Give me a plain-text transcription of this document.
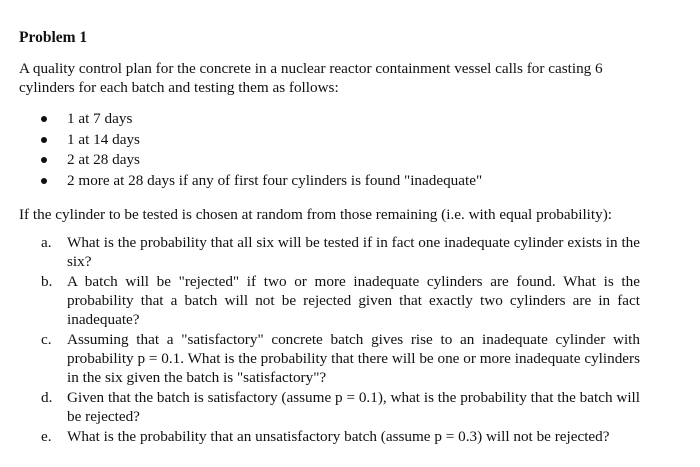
Problem 1
A quality control plan for the concrete in a nuclear reactor containment vessel calls for casting 6 cylinders for each batch and testing them as follows:
1 at 7 days
1 at 14 days
2 at 28 days
2 more at 28 days if any of first four cylinders is found "inadequate"
If the cylinder to be tested is chosen at random from those remaining (i.e. with equal probability):
a. What is the probability that all six will be tested if in fact one inadequate cylinder exists in the six?
b. A batch will be "rejected" if two or more inadequate cylinders are found. What is the probability that a batch will not be rejected given that exactly two cylinders are in fact inadequate?
c. Assuming that a "satisfactory" concrete batch gives rise to an inadequate cylinder with probability p = 0.1. What is the probability that there will be one or more inadequate cylinders in the six given the batch is "satisfactory"?
d. Given that the batch is satisfactory (assume p = 0.1), what is the probability that the batch will be rejected?
e. What is the probability that an unsatisfactory batch (assume p = 0.3) will not be rejected?
